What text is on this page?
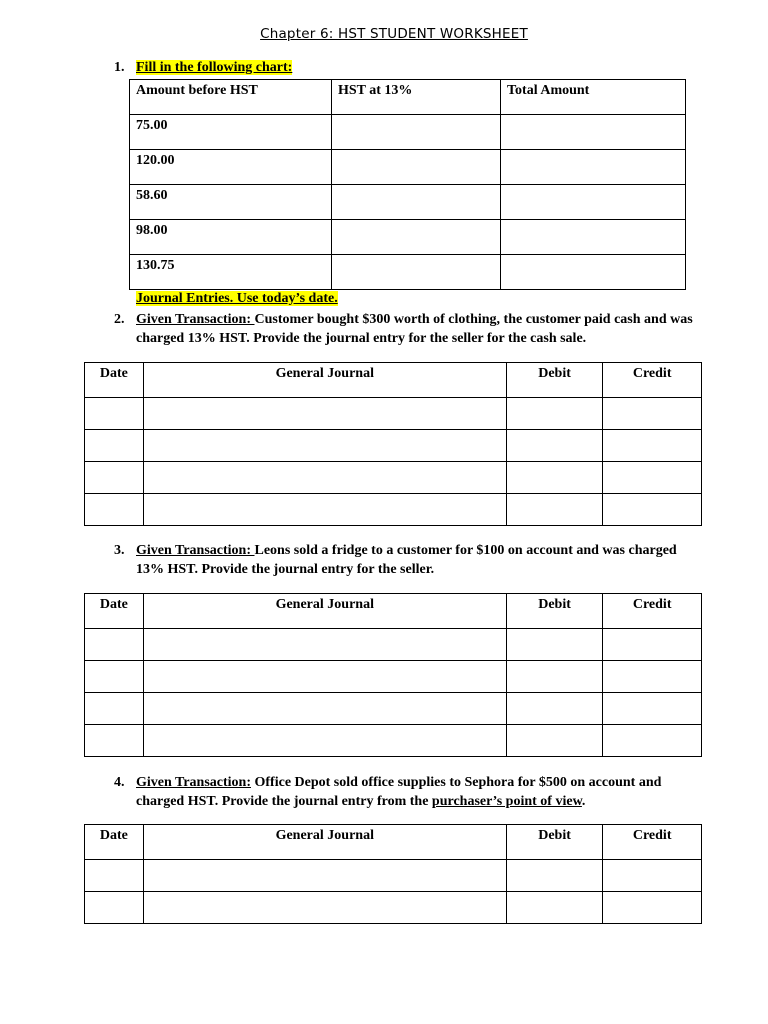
Chapter 6: HST STUDENT WORKSHEET
1. Fill in the following chart:
Amount before HST	HST at 13%	Total Amount
75.00		
120.00		
58.60		
98.00		
130.75		
Journal Entries. Use today’s date.
2. Given Transaction: Customer bought $300 worth of clothing, the customer paid cash and was
charged 13% HST. Provide the journal entry for the seller for the cash sale.
Date	General Journal	Debit	Credit

3. Given Transaction: Leons sold a fridge to a customer for $100 on account and was charged
13% HST. Provide the journal entry for the seller.
Date	General Journal	Debit	Credit

4. Given Transaction: Office Depot sold office supplies to Sephora for $500 on account and
charged HST. Provide the journal entry from the purchaser’s point of view.
Date	General Journal	Debit	Credit
